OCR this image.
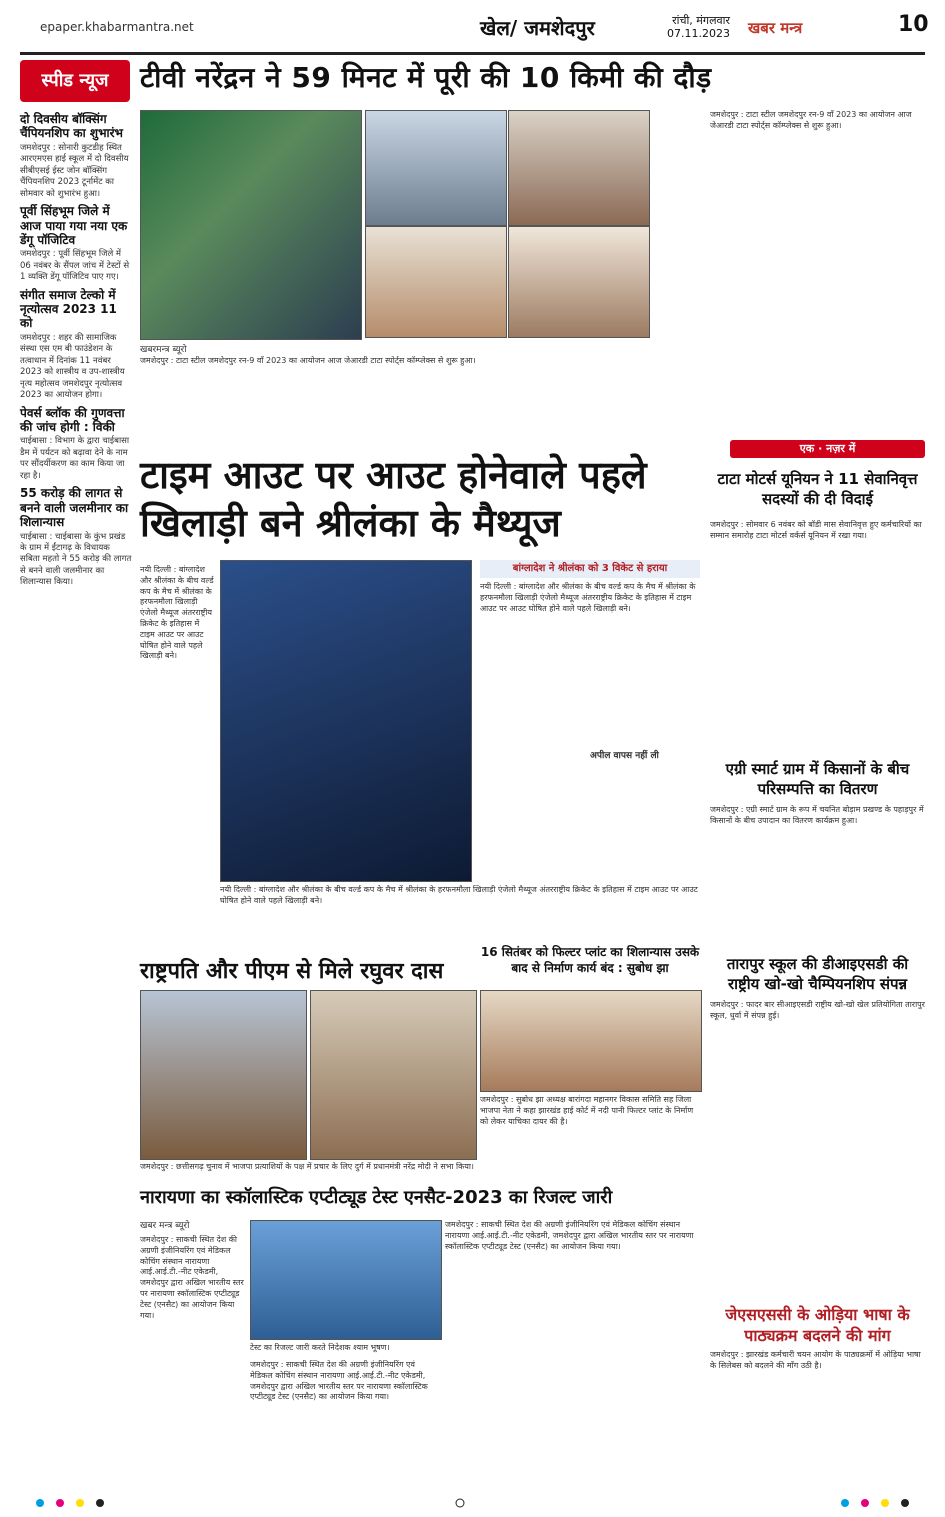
epaper.khabarmantra.net	खेल/ जमशेदपुर	रांची, मंगलवार
07.11.2023 खबर मन्त्र	10
स्पीड न्यूज	टीवी नरेंद्रन ने 59 मिनट में पूरी की 10 किमी की दौड़
दो दिवसीय बॉक्सिंग चैंपियनशिप का शुभारंभ

जमशेदपुर : सोनारी कुटडीह स्थित आरएमएस हाई स्कूल में दो दिवसीय सीबीएसई ईस्ट जोन बॉक्सिंग चैंपियनशिप 2023 टूर्नामेंट का सोमवार को शुभारंभ हुआ।

पूर्वी सिंहभूम जिले में आज पाया गया नया एक डेंगू पॉजिटिव

जमशेदपुर : पूर्वी सिंहभूम जिले में 06 नवंबर के सैंपल जांच में टेस्टों से 1 व्यक्ति डेंगू पॉजिटिव पाए गए।

संगीत समाज टेल्को में नृत्योत्सव 2023 11 को

जमशेदपुर : शहर की सामाजिक संस्था एस एम बी फाउंडेशन के तत्वाधान में दिनांक 11 नवंबर 2023 को शास्त्रीय व उप-शास्त्रीय नृत्य महोत्सव जमशेदपुर नृत्योत्सव 2023 का आयोजन होगा।

पेवर्स ब्लॉक की गुणवत्ता की जांच होगी : विकी

चाईबासा : विभाग के द्वारा चाईबासा डैम में पर्यटन को बढ़ावा देने के नाम पर सौंदर्यीकरण का काम किया जा रहा है।

55 करोड़ की लागत से बनने वाली जलमीनार का शिलान्यास

चाईबासा : चाईबासा के कुंभ प्रखंड के ग्राम में ईंटागढ़ के विधायक सबिता महतो ने 55 करोड़ की लागत से बनने वाली जलमीनार का शिलान्यास किया।

खबरमन्त्र ब्यूरो
जमशेदपुर : टाटा स्टील जमशेदपुर रन-9 वाँ 2023 का आयोजन आज जेआरडी टाटा स्पोर्ट्स कॉम्प्लेक्स से शुरू हुआ।
जमशेदपुर : टाटा स्टील जमशेदपुर रन-9 वाँ 2023 का आयोजन आज जेआरडी टाटा स्पोर्ट्स कॉम्प्लेक्स से शुरू हुआ।
एक · नज़र में
टाइम आउट पर आउट होनेवाले पहले खिलाड़ी बने श्रीलंका के मैथ्यूज
नयी दिल्ली : बांग्लादेश और श्रीलंका के बीच वर्ल्ड कप के मैच में श्रीलंका के हरफनमौला खिलाड़ी एंजेलो मैथ्यूज अंतरराष्ट्रीय क्रिकेट के इतिहास में टाइम आउट पर आउट घोषित होने वाले पहले खिलाड़ी बने।
बांग्लादेश ने श्रीलंका को 3 विकेट से हराया
नयी दिल्ली : बांग्लादेश और श्रीलंका के बीच वर्ल्ड कप के मैच में श्रीलंका के हरफनमौला खिलाड़ी एंजेलो मैथ्यूज अंतरराष्ट्रीय क्रिकेट के इतिहास में टाइम आउट पर आउट घोषित होने वाले पहले खिलाड़ी बने।
अपील वापस नहीं ली
नयी दिल्ली : बांग्लादेश और श्रीलंका के बीच वर्ल्ड कप के मैच में श्रीलंका के हरफनमौला खिलाड़ी एंजेलो मैथ्यूज अंतरराष्ट्रीय क्रिकेट के इतिहास में टाइम आउट पर आउट घोषित होने वाले पहले खिलाड़ी बने।
टाटा मोटर्स यूनियन ने 11 सेवानिवृत्त सदस्यों की दी विदाई
जमशेदपुर : सोमवार 6 नवंबर को बॉडी मास सेवानिवृत्त हुए कर्मचारियों का सम्मान समारोह टाटा मोटर्स वर्कर्स यूनियन में रखा गया।
एग्री स्मार्ट ग्राम में किसानों के बीच परिसम्पत्ति का वितरण
जमशेदपुर : एग्री स्मार्ट ग्राम के रूप में चयनित बोड़ाम प्रखण्ड के पहाड़पुर में किसानों के बीच उपादान का वितरण कार्यक्रम हुआ।
तारापुर स्कूल की डीआइएसडी की राष्ट्रीय खो-खो चैम्पियनशिप संपन्न
जमशेदपुर : फादर बार सीआइएसडी राष्ट्रीय खो-खो खेल प्रतियोगिता तारापुर स्कूल, धुर्वा में संपन्न हुई।
जेएसएससी के ओड़िया भाषा के पाठ्यक्रम बदलने की मांग
जमशेदपुर : झारखंड कर्मचारी चयन आयोग के पाठ्यक्रमों में ओड़िया भाषा के सिलेबस को बदलने की माँग उठी है।
राष्ट्रपति और पीएम से मिले रघुवर दास
जमशेदपुर : छत्तीसगढ़ चुनाव में भाजपा प्रत्याशियों के पक्ष में प्रचार के लिए दुर्ग में प्रधानमंत्री नरेंद्र मोदी ने सभा किया।
16 सितंबर को फिल्टर प्लांट का शिलान्यास उसके बाद से निर्माण कार्य बंद : सुबोध झा
जमशेदपुर : सुबोध झा अध्यक्ष बारांगदा महानगर विकास समिति सह जिला भाजपा नेता ने कहा झारखंड हाई कोर्ट में नदी पानी फिल्टर प्लांट के निर्माण को लेकर याचिका दायर की है।
नारायणा का स्कॉलास्टिक एप्टीट्यूड टेस्ट एनसैट-2023 का रिजल्ट जारी
खबर मन्त्र ब्यूरो
जमशेदपुर : साकची स्थित देश की अग्रणी इंजीनियरिंग एवं मेडिकल कोचिंग संस्थान नारायणा आई.आई.टी.-नीट एकेडमी, जमशेदपुर द्वारा अखिल भारतीय स्तर पर नारायणा स्कॉलास्टिक एप्टीट्यूड टेस्ट (एनसैट) का आयोजन किया गया।
टेस्ट का रिजल्ट जारी करते निदेशक श्याम भूषण।
जमशेदपुर : साकची स्थित देश की अग्रणी इंजीनियरिंग एवं मेडिकल कोचिंग संस्थान नारायणा आई.आई.टी.-नीट एकेडमी, जमशेदपुर द्वारा अखिल भारतीय स्तर पर नारायणा स्कॉलास्टिक एप्टीट्यूड टेस्ट (एनसैट) का आयोजन किया गया।
जमशेदपुर : साकची स्थित देश की अग्रणी इंजीनियरिंग एवं मेडिकल कोचिंग संस्थान नारायणा आई.आई.टी.-नीट एकेडमी, जमशेदपुर द्वारा अखिल भारतीय स्तर पर नारायणा स्कॉलास्टिक एप्टीट्यूड टेस्ट (एनसैट) का आयोजन किया गया।
